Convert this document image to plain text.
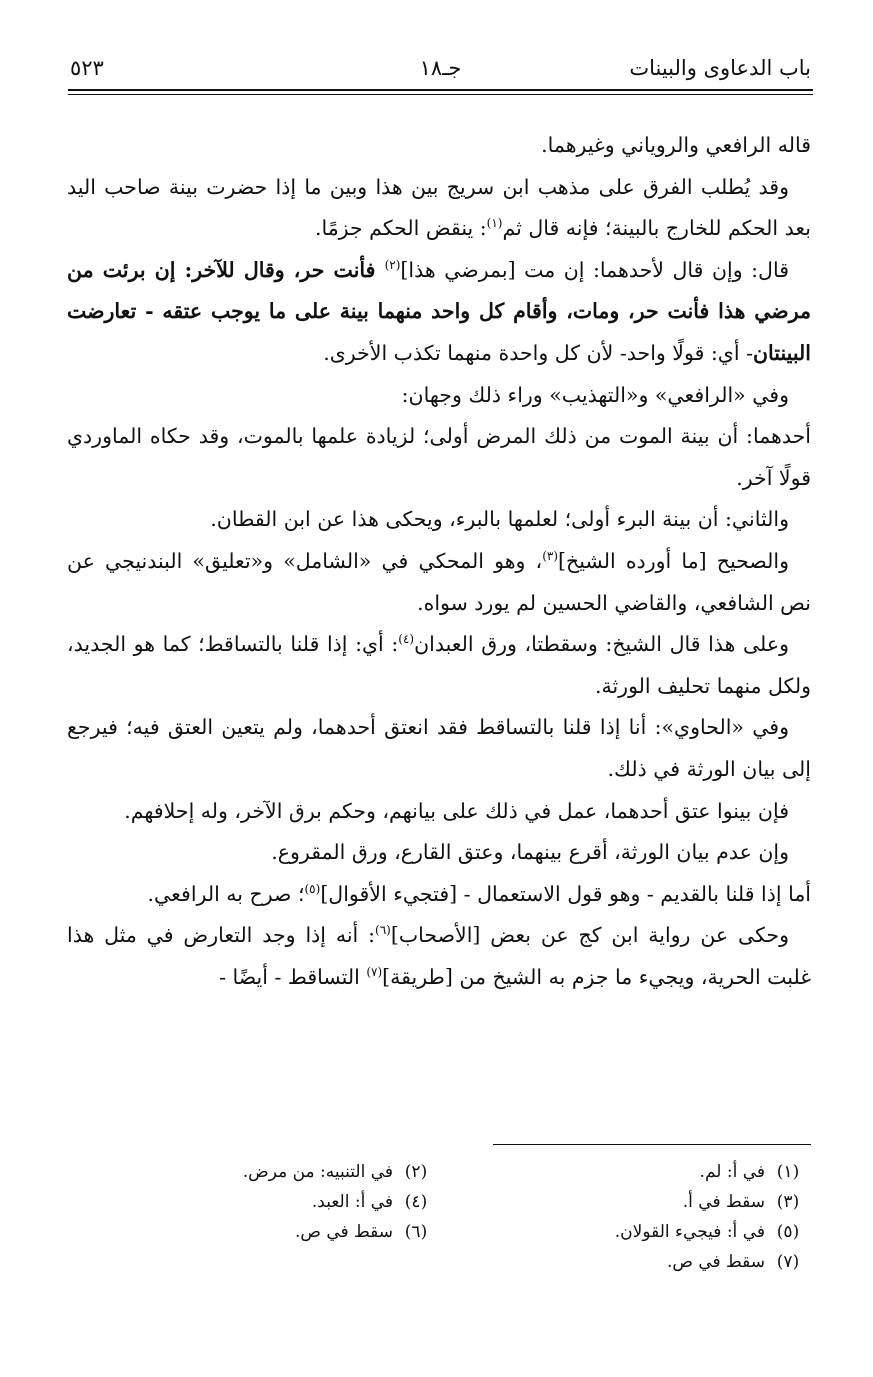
باب الدعاوى والبينات
جـ١٨
٥٢٣

قاله الرافعي والروياني وغيرهما.

وقد يُطلب الفرق على مذهب ابن سريج بين هذا وبين ما إذا حضرت بينة صاحب اليد بعد الحكم للخارج بالبينة؛ فإنه قال ثم$^{(١)}$: ينقض الحكم جزمًا.

قال: وإن قال لأحدهما: إن مت [بمرضي هذا]$^{(٢)}$ فأنت حر، وقال للآخر: إن برئت من مرضي هذا فأنت حر، ومات، وأقام كل واحد منهما بينة على ما يوجب عتقه - تعارضت البينتان- أي: قولًا واحد- لأن كل واحدة منهما تكذب الأخرى.

وفي «الرافعي» و«التهذيب» وراء ذلك وجهان:

أحدهما: أن بينة الموت من ذلك المرض أولى؛ لزيادة علمها بالموت، وقد حكاه الماوردي قولًا آخر.

والثاني: أن بينة البرء أولى؛ لعلمها بالبرء، ويحكى هذا عن ابن القطان.

والصحيح [ما أورده الشيخ]$^{(٣)}$، وهو المحكي في «الشامل» و«تعليق» البندنيجي عن نص الشافعي، والقاضي الحسين لم يورد سواه.

وعلى هذا قال الشيخ: وسقطتا، ورق العبدان$^{(٤)}$: أي: إذا قلنا بالتساقط؛ كما هو الجديد، ولكل منهما تحليف الورثة.

وفي «الحاوي»: أنا إذا قلنا بالتساقط فقد انعتق أحدهما، ولم يتعين العتق فيه؛ فيرجع إلى بيان الورثة في ذلك.

فإن بينوا عتق أحدهما، عمل في ذلك على بيانهم، وحكم برق الآخر، وله إحلافهم.

وإن عدم بيان الورثة، أقرع بينهما، وعتق القارع، ورق المقروع.

أما إذا قلنا بالقديم - وهو قول الاستعمال - [فتجيء الأقوال]$^{(٥)}$؛ صرح به الرافعي.

وحكى عن رواية ابن كج عن بعض [الأصحاب]$^{(٦)}$: أنه إذا وجد التعارض في مثل هذا غلبت الحرية، ويجيء ما جزم به الشيخ من [طريقة]$^{(٧)}$ التساقط - أيضًا -

(١)
في أ: لم.
(٢)
في التنبيه: من مرض.
(٣)
سقط في أ.
(٤)
في أ: العبد.
(٥)
في أ: فيجيء القولان.
(٦)
سقط في ص.
(٧)
سقط في ص.
